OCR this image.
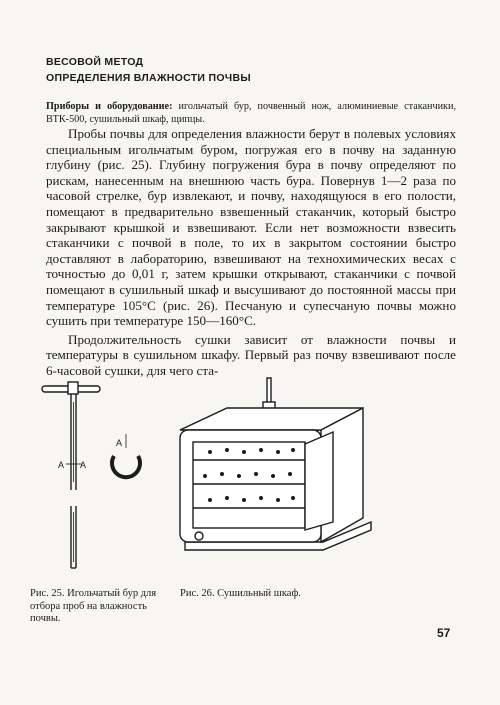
ВЕСОВОЙ МЕТОД
ОПРЕДЕЛЕНИЯ ВЛАЖНОСТИ ПОЧВЫ
Приборы и оборудование: игольчатый бур, почвенный нож, алюминиевые стаканчики, ВТК-500, сушильный шкаф, щипцы.

Пробы почвы для определения влажности берут в полевых условиях специальным игольчатым буром, погружая его в почву на заданную глубину (рис. 25). Глубину погружения бура в почву определяют по рискам, нанесенным на внешнюю часть бура. Повернув 1—2 раза по часовой стрелке, бур извлекают, и почву, находящуюся в его полости, помещают в предварительно взвешенный стаканчик, который быстро закрывают крышкой и взвешивают. Если нет возможности взвесить стаканчики с почвой в поле, то их в закрытом состоянии быстро доставляют в лабораторию, взвешивают на технохимических весах с точностью до 0,01 г, затем крышки открывают, стаканчики с почвой помещают в сушильный шкаф и высушивают до постоянной массы при температуре 105°С (рис. 26). Песчаную и супесчаную почвы можно сушить при температуре 150—160°С.

Продолжительность сушки зависит от влажности почвы и температуры в сушильном шкафу. Первый раз почву взвешивают после 6-часовой сушки, для чего ста-

А А
А
Рис. 25. Игольчатый бур для отбора проб на влажность почвы.
Рис. 26. Сушильный шкаф.
57
